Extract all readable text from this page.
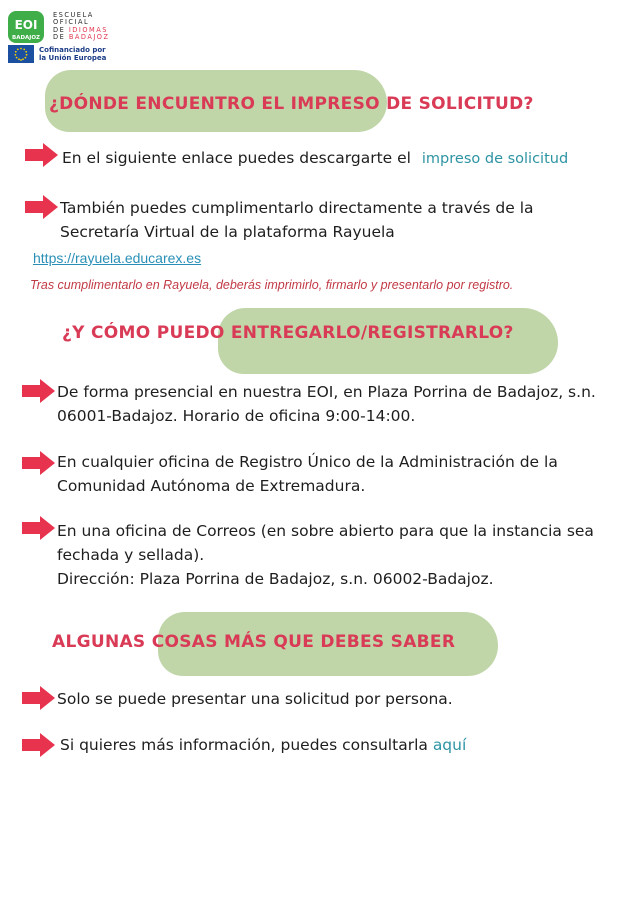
EOI
BADAJOZ
ESCUELA
OFICIAL
DE IDIOMAS
DE BADAJOZ
Cofinanciado por
la Unión Europea
¿DÓNDE ENCUENTRO EL IMPRESO DE SOLICITUD?
En el siguiente enlace puedes descargarte el impreso de solicitud
También puedes cumplimentarlo directamente a través de la
Secretaría Virtual de la plataforma Rayuela
https://rayuela.educarex.es
Tras cumplimentarlo en Rayuela, deberás imprimirlo, firmarlo y presentarlo por registro.
¿Y CÓMO PUEDO ENTREGARLO/REGISTRARLO?
De forma presencial en nuestra EOI, en Plaza Porrina de Badajoz, s.n.
06001-Badajoz. Horario de oficina 9:00-14:00.
En cualquier oficina de Registro Único de la Administración de la
Comunidad Autónoma de Extremadura.
En una oficina de Correos (en sobre abierto para que la instancia sea
fechada y sellada).
Dirección: Plaza Porrina de Badajoz, s.n. 06002-Badajoz.
ALGUNAS COSAS MÁS QUE DEBES SABER
Solo se puede presentar una solicitud por persona.
Si quieres más información, puedes consultarla aquí
